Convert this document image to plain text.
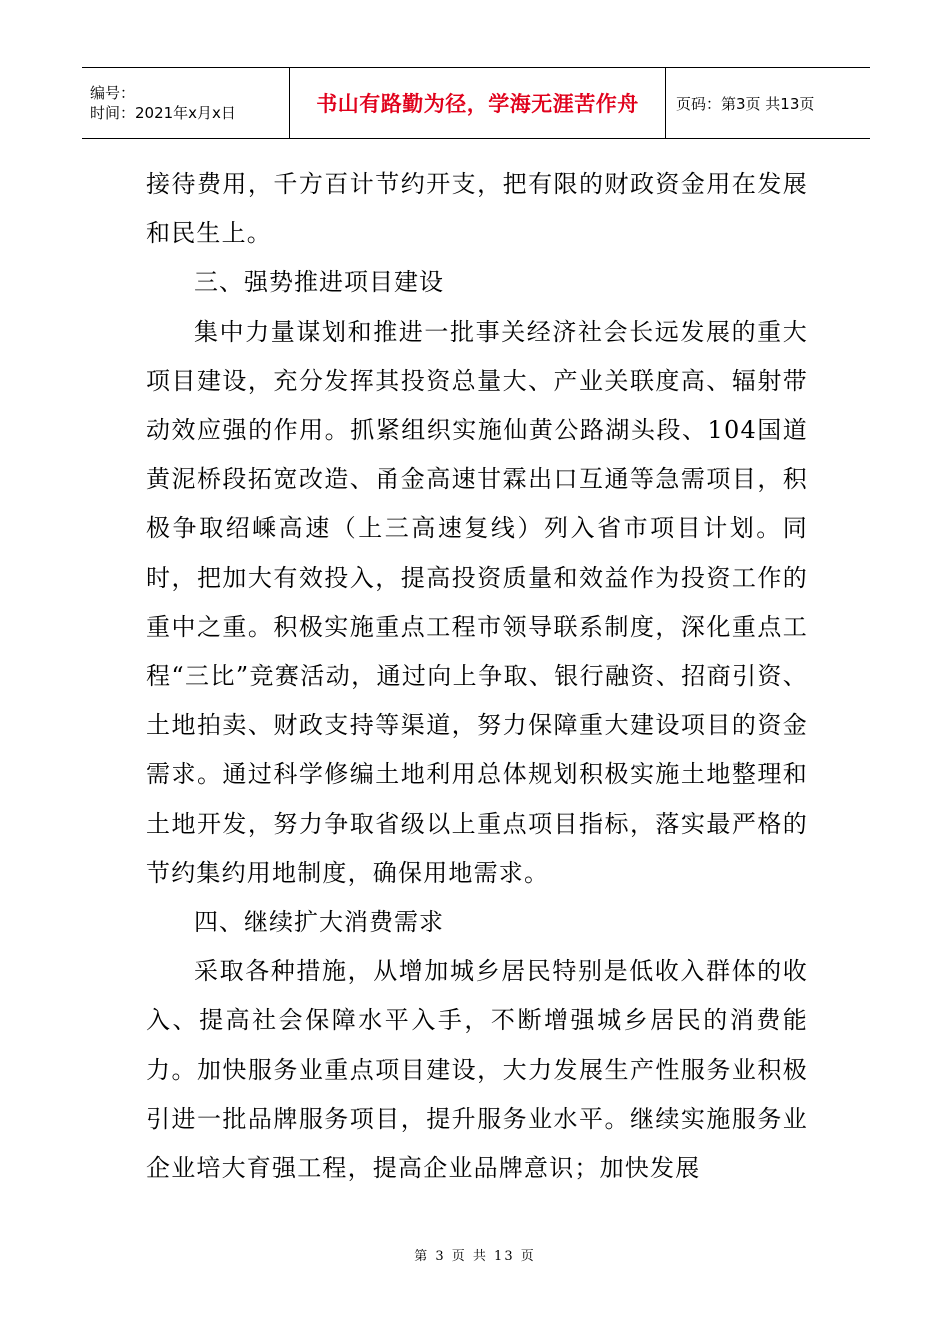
编号：
时间：2021年x月x日	书山有路勤为径，学海无涯苦作舟 页码：第3页 共13页

接待费用，千方百计节约开支，把有限的财政资金用在发展和民生上。

三、强势推进项目建设

集中力量谋划和推进一批事关经济社会长远发展的重大项目建设，充分发挥其投资总量大、产业关联度高、辐射带动效应强的作用。抓紧组织实施仙黄公路湖头段、104国道黄泥桥段拓宽改造、甬金高速甘霖出口互通等急需项目，积极争取绍嵊高速（上三高速复线）列入省市项目计划。同时，把加大有效投入，提高投资质量和效益作为投资工作的重中之重。积极实施重点工程市领导联系制度，深化重点工程“三比”竞赛活动，通过向上争取、银行融资、招商引资、土地拍卖、财政支持等渠道，努力保障重大建设项目的资金需求。通过科学修编土地利用总体规划积极实施土地整理和土地开发，努力争取省级以上重点项目指标，落实最严格的节约集约用地制度，确保用地需求。

四、继续扩大消费需求

采取各种措施，从增加城乡居民特别是低收入群体的收入、提高社会保障水平入手，不断增强城乡居民的消费能力。加快服务业重点项目建设，大力发展生产性服务业积极引进一批品牌服务项目，提升服务业水平。继续实施服务业企业培大育强工程，提高企业品牌意识；加快发展

第 3 页 共 13 页
